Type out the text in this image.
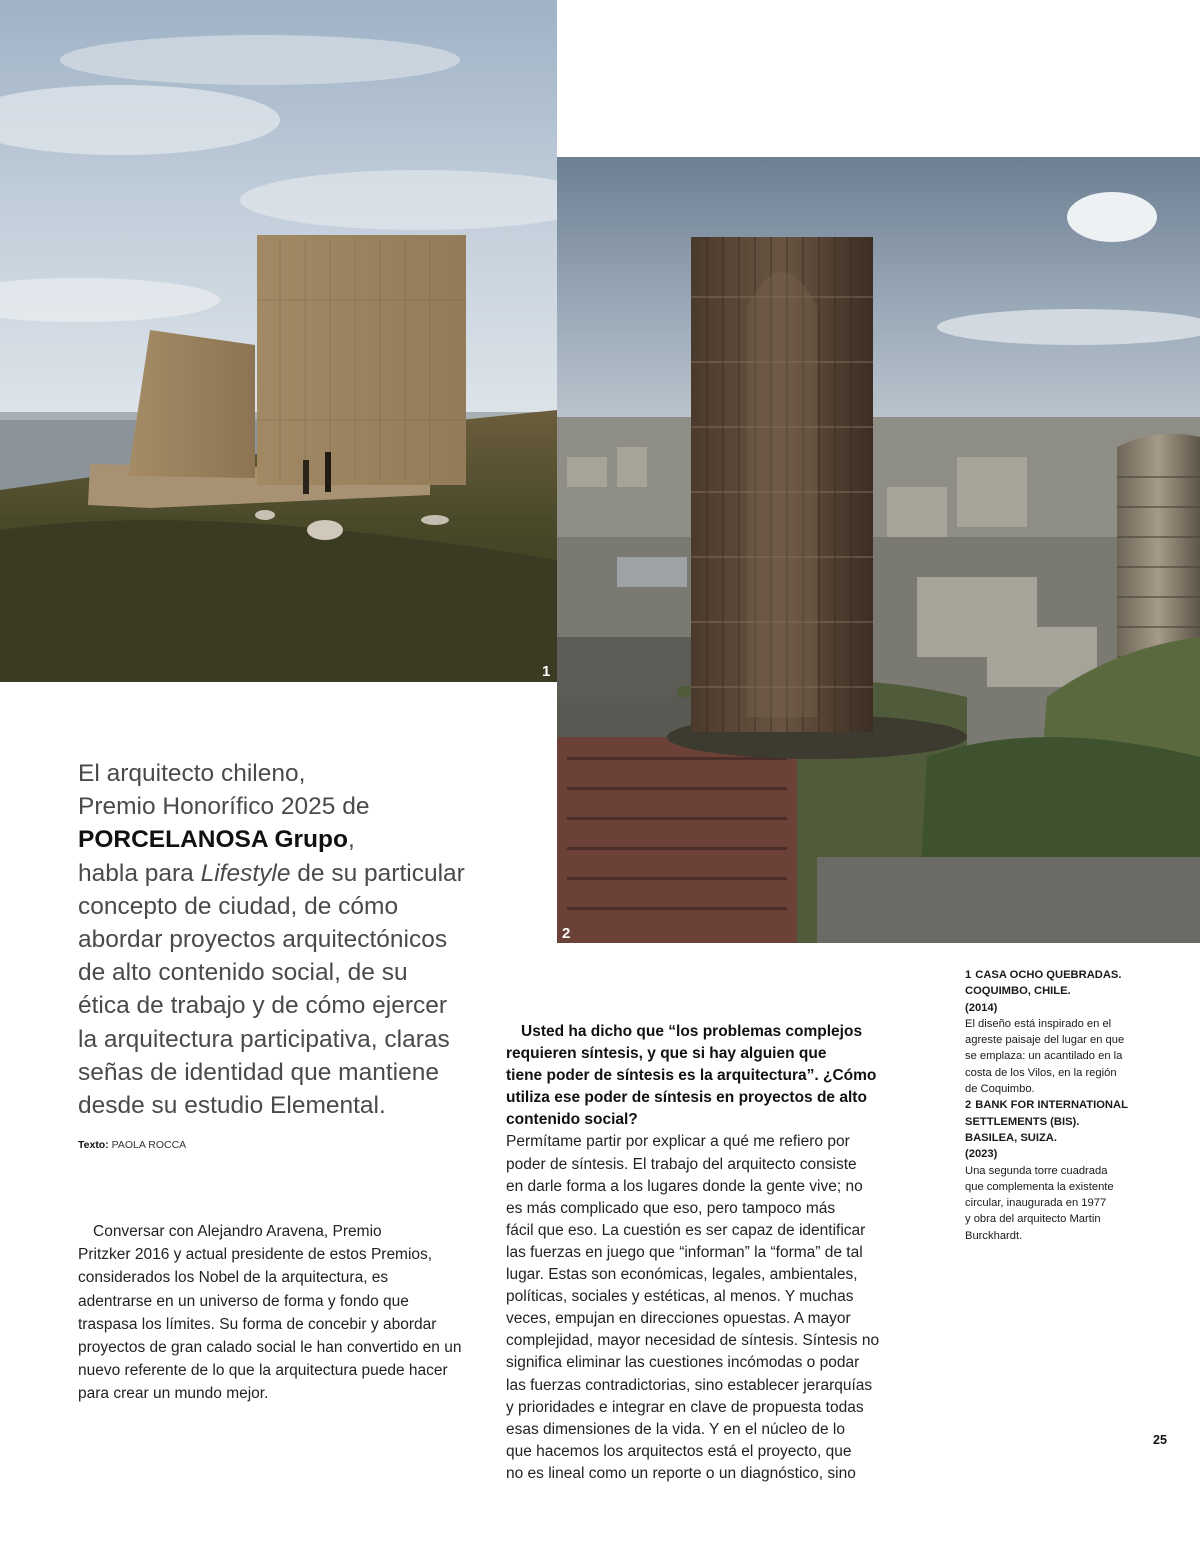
1
2
El arquitecto chileno,
Premio Honorífico 2025 de
PORCELANOSA Grupo,
habla para Lifestyle de su particular
concepto de ciudad, de cómo
abordar proyectos arquitectónicos
de alto contenido social, de su
ética de trabajo y de cómo ejercer
la arquitectura participativa, claras
señas de identidad que mantiene
desde su estudio Elemental.
Texto: PAOLA ROCCA
Conversar con Alejandro Aravena, Premio
Pritzker 2016 y actual presidente de estos Premios,
considerados los Nobel de la arquitectura, es
adentrarse en un universo de forma y fondo que
traspasa los límites. Su forma de concebir y abordar
proyectos de gran calado social le han convertido en un
nuevo referente de lo que la arquitectura puede hacer
para crear un mundo mejor.
Usted ha dicho que “los problemas complejos
requieren síntesis, y que si hay alguien que
tiene poder de síntesis es la arquitectura”. ¿Cómo
utiliza ese poder de síntesis en proyectos de alto
contenido social?
Permítame partir por explicar a qué me refiero por
poder de síntesis. El trabajo del arquitecto consiste
en darle forma a los lugares donde la gente vive; no
es más complicado que eso, pero tampoco más
fácil que eso. La cuestión es ser capaz de identificar
las fuerzas en juego que “informan” la “forma” de tal
lugar. Estas son económicas, legales, ambientales,
políticas, sociales y estéticas, al menos. Y muchas
veces, empujan en direcciones opuestas. A mayor
complejidad, mayor necesidad de síntesis. Síntesis no
significa eliminar las cuestiones incómodas o podar
las fuerzas contradictorias, sino establecer jerarquías
y prioridades e integrar en clave de propuesta todas
esas dimensiones de la vida. Y en el núcleo de lo
que hacemos los arquitectos está el proyecto, que
no es lineal como un reporte o un diagnóstico, sino
1 CASA OCHO QUEBRADAS.
COQUIMBO, CHILE.
(2014)
El diseño está inspirado en el
agreste paisaje del lugar en que
se emplaza: un acantilado en la
costa de los Vilos, en la región
de Coquimbo.
2 BANK FOR INTERNATIONAL
SETTLEMENTS (BIS).
BASILEA, SUIZA.
(2023)
Una segunda torre cuadrada
que complementa la existente
circular, inaugurada en 1977
y obra del arquitecto Martin
Burckhardt.
25
